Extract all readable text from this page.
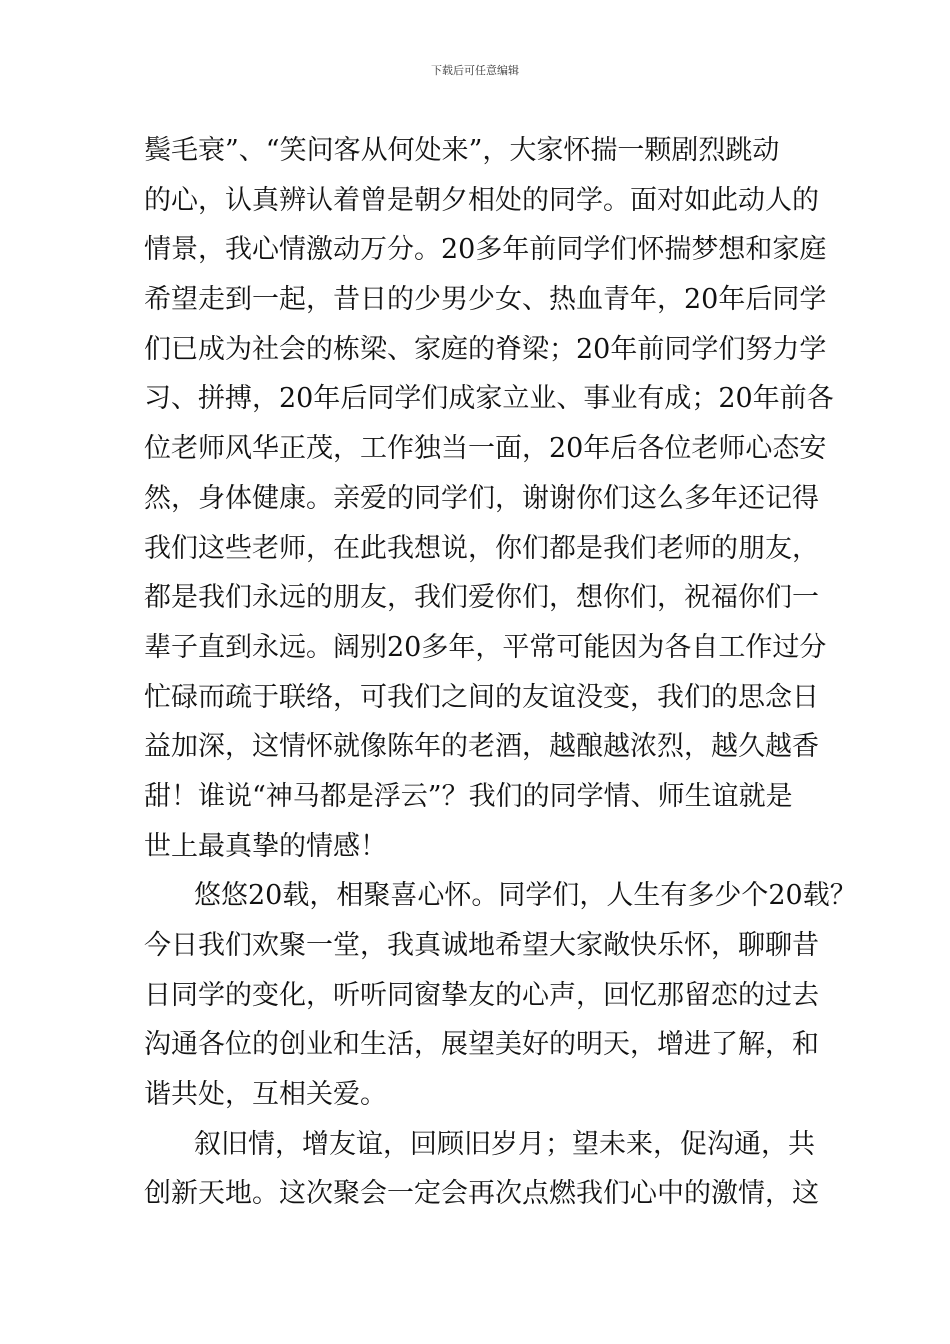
下载后可任意编辑
鬓毛衰”、“笑问客从何处来”，大家怀揣一颗剧烈跳动
的心，认真辨认着曾是朝夕相处的同学。面对如此动人的
情景，我心情激动万分。20多年前同学们怀揣梦想和家庭
希望走到一起，昔日的少男少女、热血青年，20年后同学
们已成为社会的栋梁、家庭的脊梁；20年前同学们努力学
习、拼搏，20年后同学们成家立业、事业有成；20年前各
位老师风华正茂，工作独当一面，20年后各位老师心态安
然，身体健康。亲爱的同学们，谢谢你们这么多年还记得
我们这些老师，在此我想说，你们都是我们老师的朋友，
都是我们永远的朋友，我们爱你们，想你们，祝福你们一
辈子直到永远。阔别20多年，平常可能因为各自工作过分
忙碌而疏于联络，可我们之间的友谊没变，我们的思念日
益加深，这情怀就像陈年的老酒，越酿越浓烈，越久越香
甜！谁说“神马都是浮云”？我们的同学情、师生谊就是
世上最真挚的情感！
悠悠20载，相聚喜心怀。同学们，人生有多少个20载？
今日我们欢聚一堂，我真诚地希望大家敞快乐怀，聊聊昔
日同学的变化，听听同窗挚友的心声，回忆那留恋的过去
沟通各位的创业和生活，展望美好的明天，增进了解，和
谐共处，互相关爱。
叙旧情，增友谊，回顾旧岁月；望未来，促沟通，共
创新天地。这次聚会一定会再次点燃我们心中的激情，这
